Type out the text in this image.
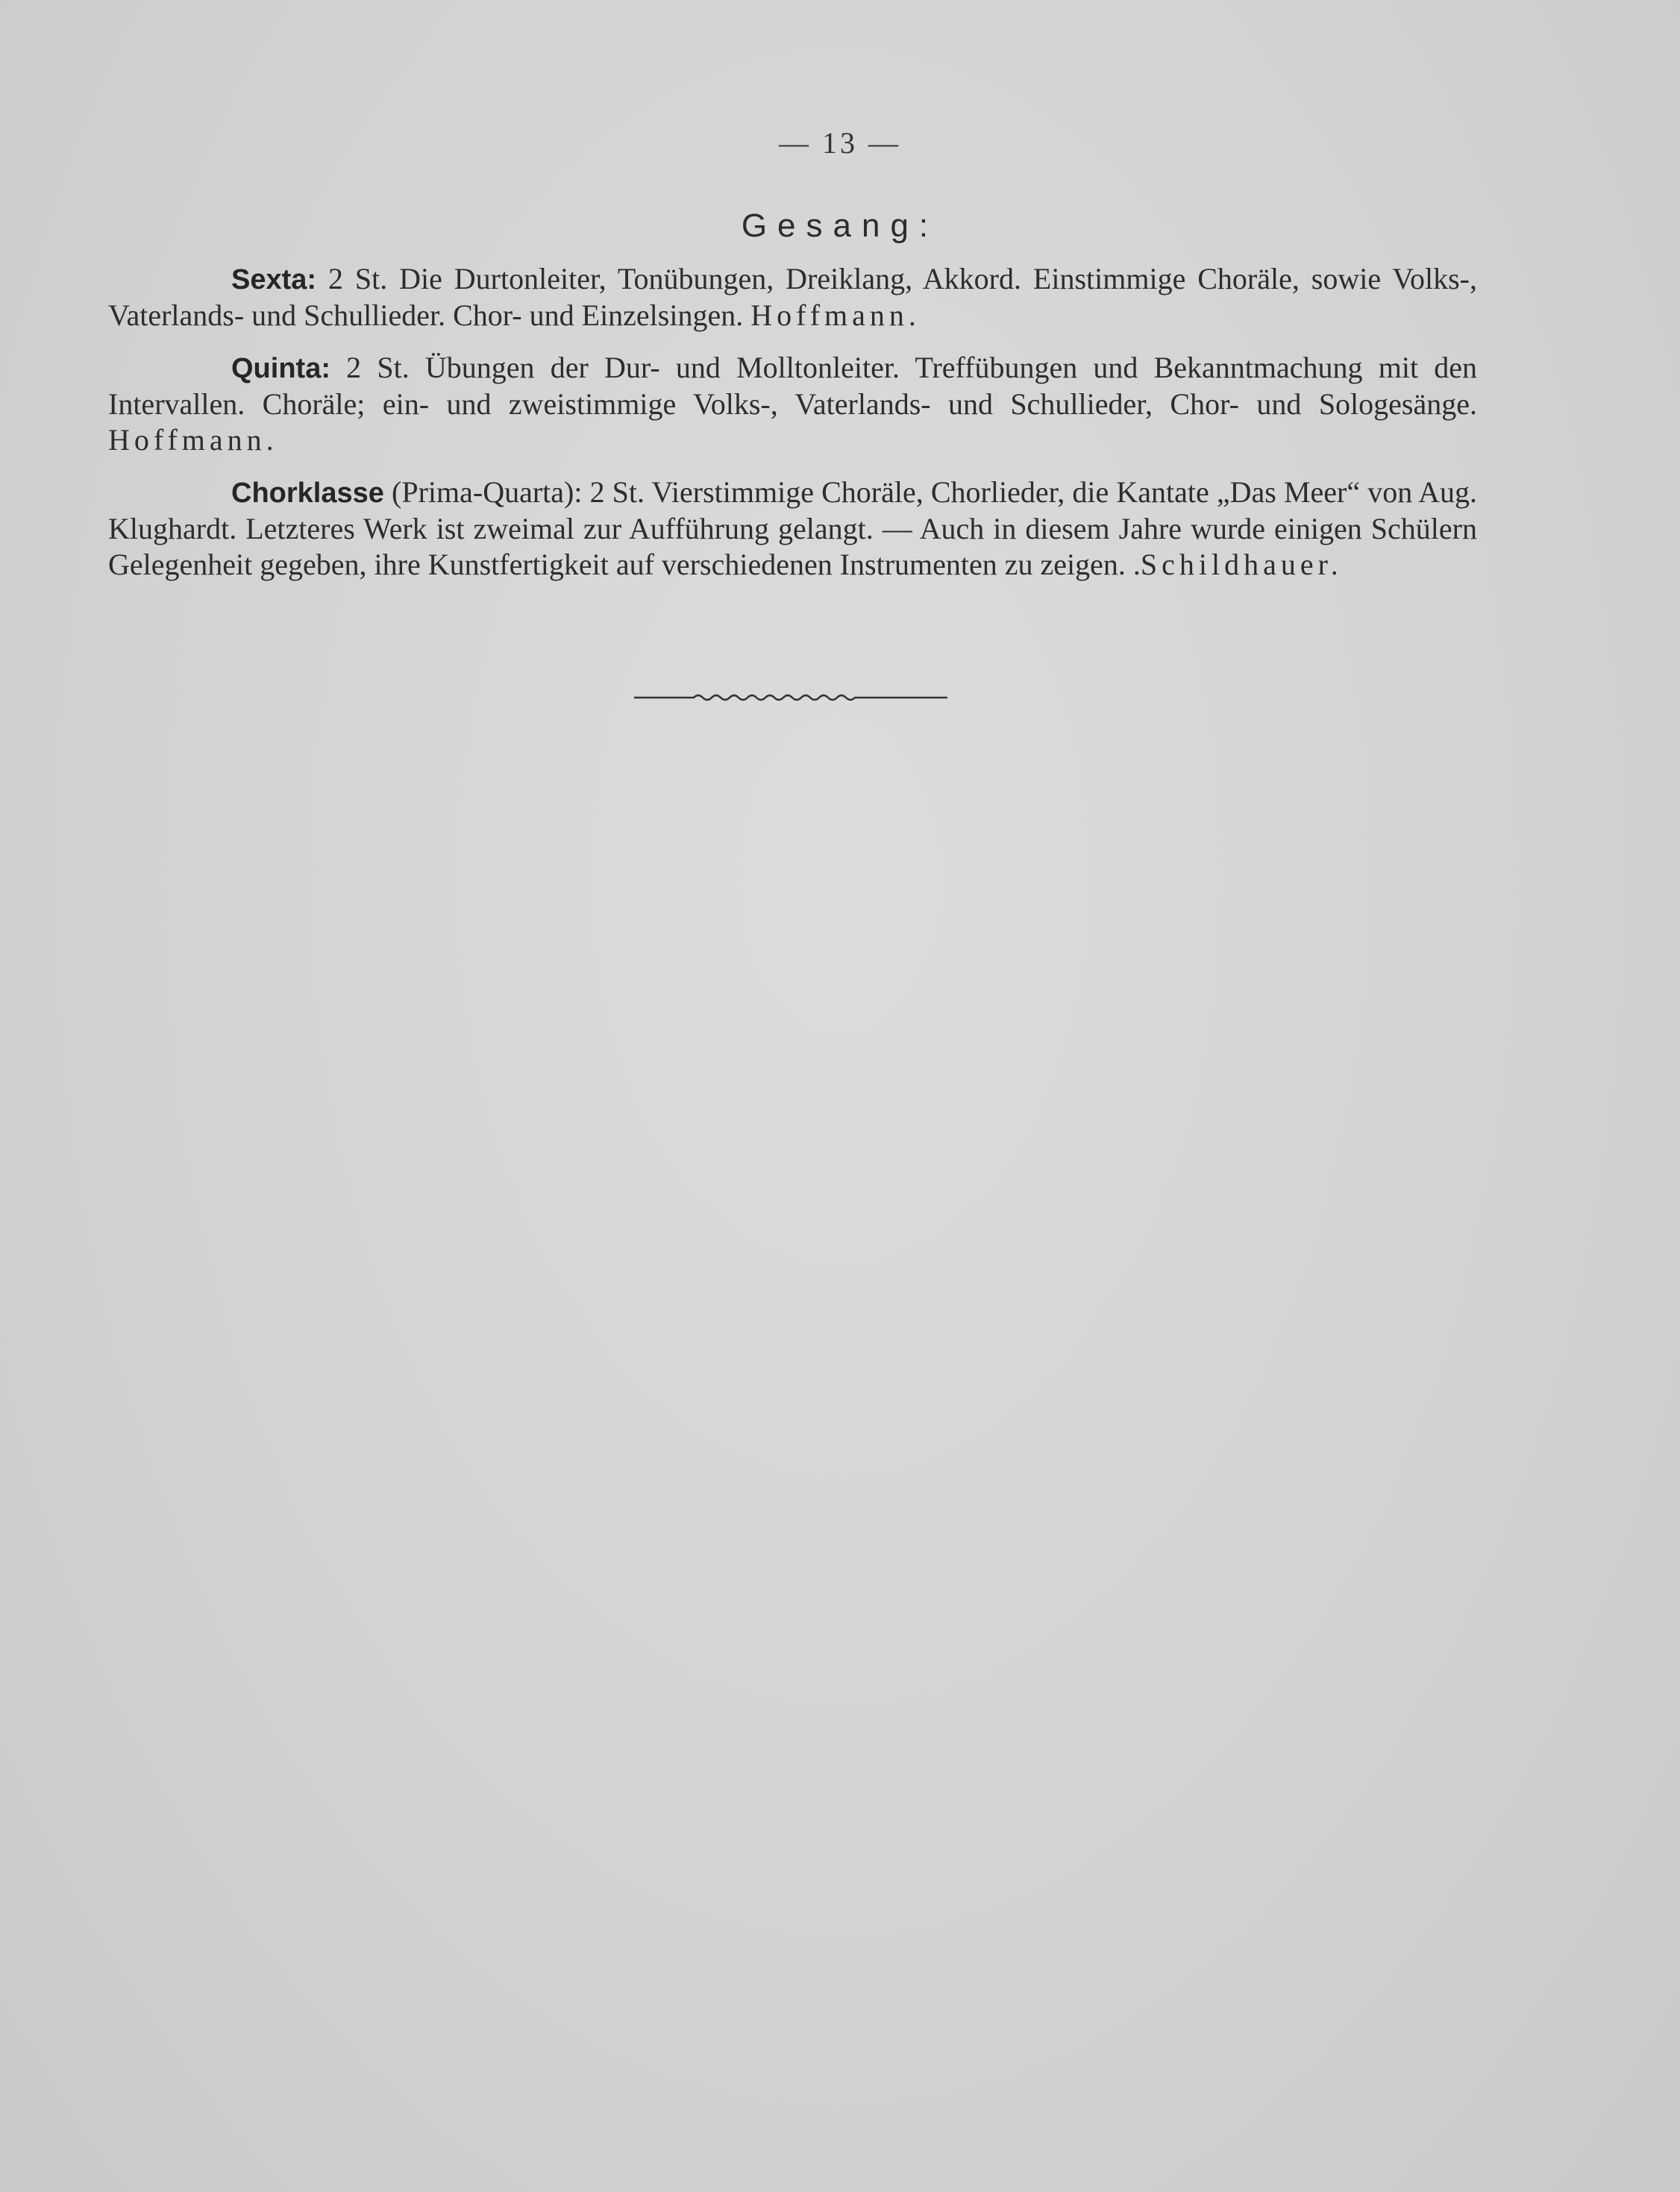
— 13 —
Gesang:

Sexta: 2 St. Die Durtonleiter, Tonübungen, Dreiklang, Akkord. Einstimmige Choräle, sowie Volks-, Vaterlands- und Schullieder. Chor- und Einzelsingen. Hoffmann.

Quinta: 2 St. Übungen der Dur- und Molltonleiter. Treffübungen und Bekanntmachung mit den Intervallen. Choräle; ein- und zweistimmige Volks-, Vaterlands- und Schullieder, Chor- und Sologesänge. Hoffmann.

Chorklasse (Prima-Quarta): 2 St. Vierstimmige Choräle, Chorlieder, die Kantate „Das Meer“ von Aug. Klughardt. Letzteres Werk ist zweimal zur Aufführung gelangt. — Auch in diesem Jahre wurde einigen Schülern Gelegenheit gegeben, ihre Kunstfertigkeit auf verschiedenen Instrumenten zu zeigen. .Schildhauer.
